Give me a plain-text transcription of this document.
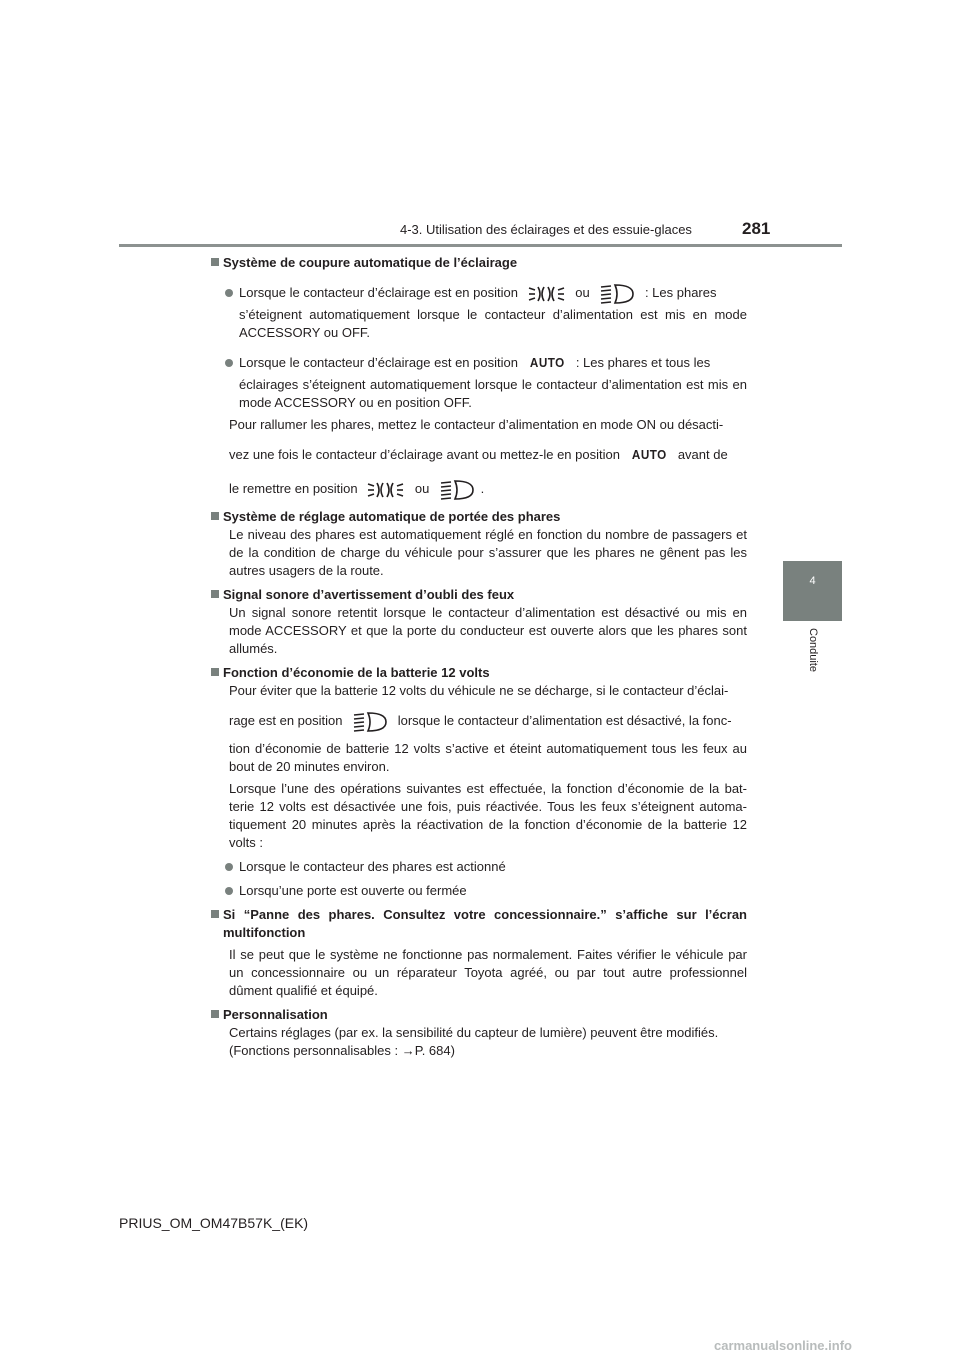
4-3. Utilisation des éclairages et des essuie-glaces	281
4
Conduite
Système de coupure automatique de l’éclairage
Lorsque le contacteur d’éclairage est en position	ou	: Les phares
s’éteignent automatiquement lorsque le contacteur d’alimentation est mis en mode ACCESSORY ou OFF.
Lorsque le contacteur d’éclairage est en position AUTO : Les phares et tous les
éclairages s’éteignent automatiquement lorsque le contacteur d’alimentation est mis en mode ACCESSORY ou en position OFF.
Pour rallumer les phares, mettez le contacteur d’alimentation en mode ON ou désacti-
vez une fois le contacteur d’éclairage avant ou mettez-le en position AUTO avant de
le remettre en position	ou	.
Système de réglage automatique de portée des phares
Le niveau des phares est automatiquement réglé en fonction du nombre de passagers et de la condition de charge du véhicule pour s’assurer que les phares ne gênent pas les autres usagers de la route.
Signal sonore d’avertissement d’oubli des feux
Un signal sonore retentit lorsque le contacteur d’alimentation est désactivé ou mis en mode ACCESSORY et que la porte du conducteur est ouverte alors que les phares sont allumés.
Fonction d’économie de la batterie 12 volts
Pour éviter que la batterie 12 volts du véhicule ne se décharge, si le contacteur d’éclai-
rage est en position	lorsque le contacteur d’alimentation est désactivé, la fonc-
tion d’économie de batterie 12 volts s’active et éteint automatiquement tous les feux au bout de 20 minutes environ.
Lorsque l’une des opérations suivantes est effectuée, la fonction d’économie de la bat-terie 12 volts est désactivée une fois, puis réactivée. Tous les feux s’éteignent automa-tiquement 20 minutes après la réactivation de la fonction d’économie de la batterie 12 volts :
Lorsque le contacteur des phares est actionné
Lorsqu’une porte est ouverte ou fermée
Si “Panne des phares. Consultez votre concessionnaire.” s’affiche sur l’écran multifonction
Il se peut que le système ne fonctionne pas normalement. Faites vérifier le véhicule par un concessionnaire ou un réparateur Toyota agréé, ou par tout autre professionnel dûment qualifié et équipé.
Personnalisation
Certains réglages (par ex. la sensibilité du capteur de lumière) peuvent être modifiés.
(Fonctions personnalisables : →P. 684)
PRIUS_OM_OM47B57K_(EK)
carmanualsonline.info
